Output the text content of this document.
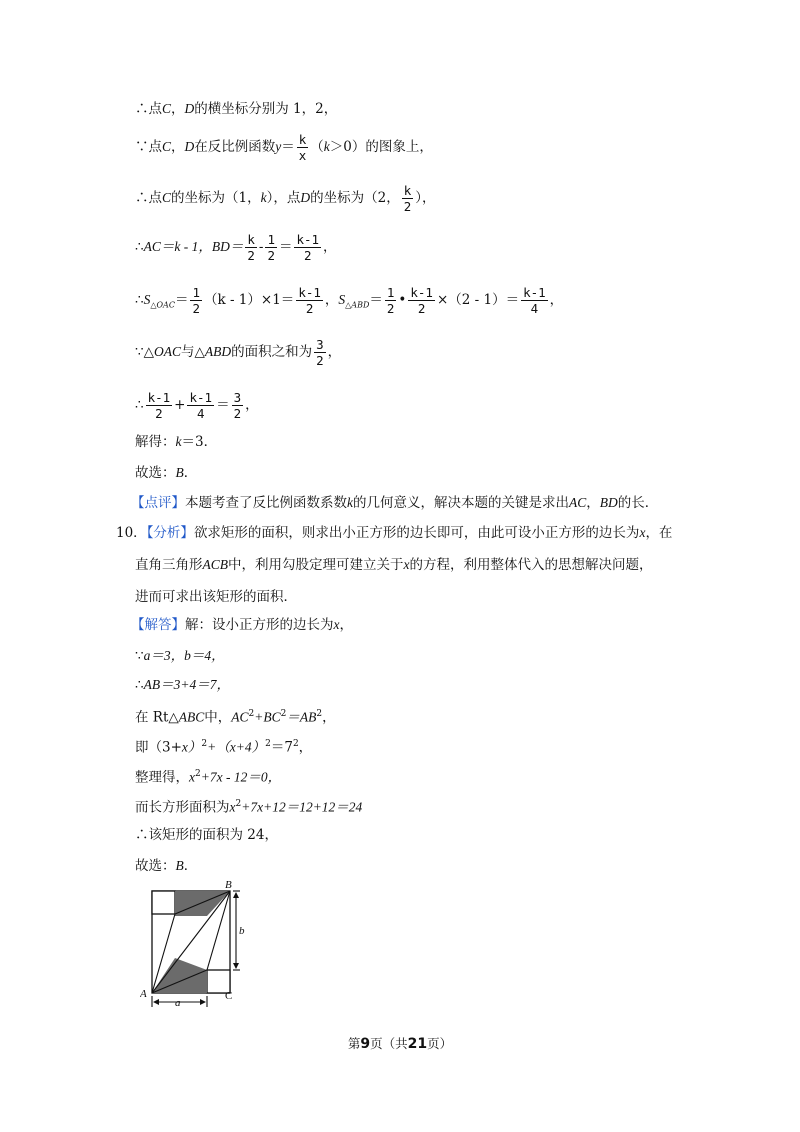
∴点C，D的横坐标分别为 1，2，
∵点C，D在反比例函数$y= \frac{k}{x} (k>0)$的图象上，
∴点C的坐标为（1，k），点D的坐标为（2， $\frac{k}{2}$ ），
∴AC＝k - 1，$BD= \frac{k}{2} - \frac{1}{2} = \frac{k-1}{2}$ ，
$\therefore S_{\triangle OAC}= \frac{1}{2} (k - 1)\times 1= \frac{k-1}{2}$ ，$S_{\triangle ABD}= \frac{1}{2}$ • $\frac{k-1}{2} \times(2 - 1)= \frac{k-1}{4}$ ，
∵△OAC与△ABD的面积之和为 $\frac{3}{2}$ ，
∴ $\frac{k-1}{2} + \frac{k-1}{4} = \frac{3}{2}$ ，
解得：k＝3．
故选：B．
【点评】本题考查了反比例函数系数k的几何意义，解决本题的关键是求出AC，BD的长．
10．【分析】欲求矩形的面积，则求出小正方形的边长即可，由此可设小正方形的边长为x，在
直角三角形ACB中，利用勾股定理可建立关于x的方程，利用整体代入的思想解决问题，
进而可求出该矩形的面积．
【解答】解：设小正方形的边长为x，
∵a＝3，b＝4，
∴AB＝3+4＝7，
在 Rt△ABC中，$AC^2+BC^2=AB^2$，
即$(3+x)^2+(x+4)^2=7^2$，
整理得，$x^2+7x - 12=0$，
而长方形面积为$x^2+7x+12=12+12=24$
∴该矩形的面积为 24，
故选：B．
A
B
C
a
b
第9页（共21页）
